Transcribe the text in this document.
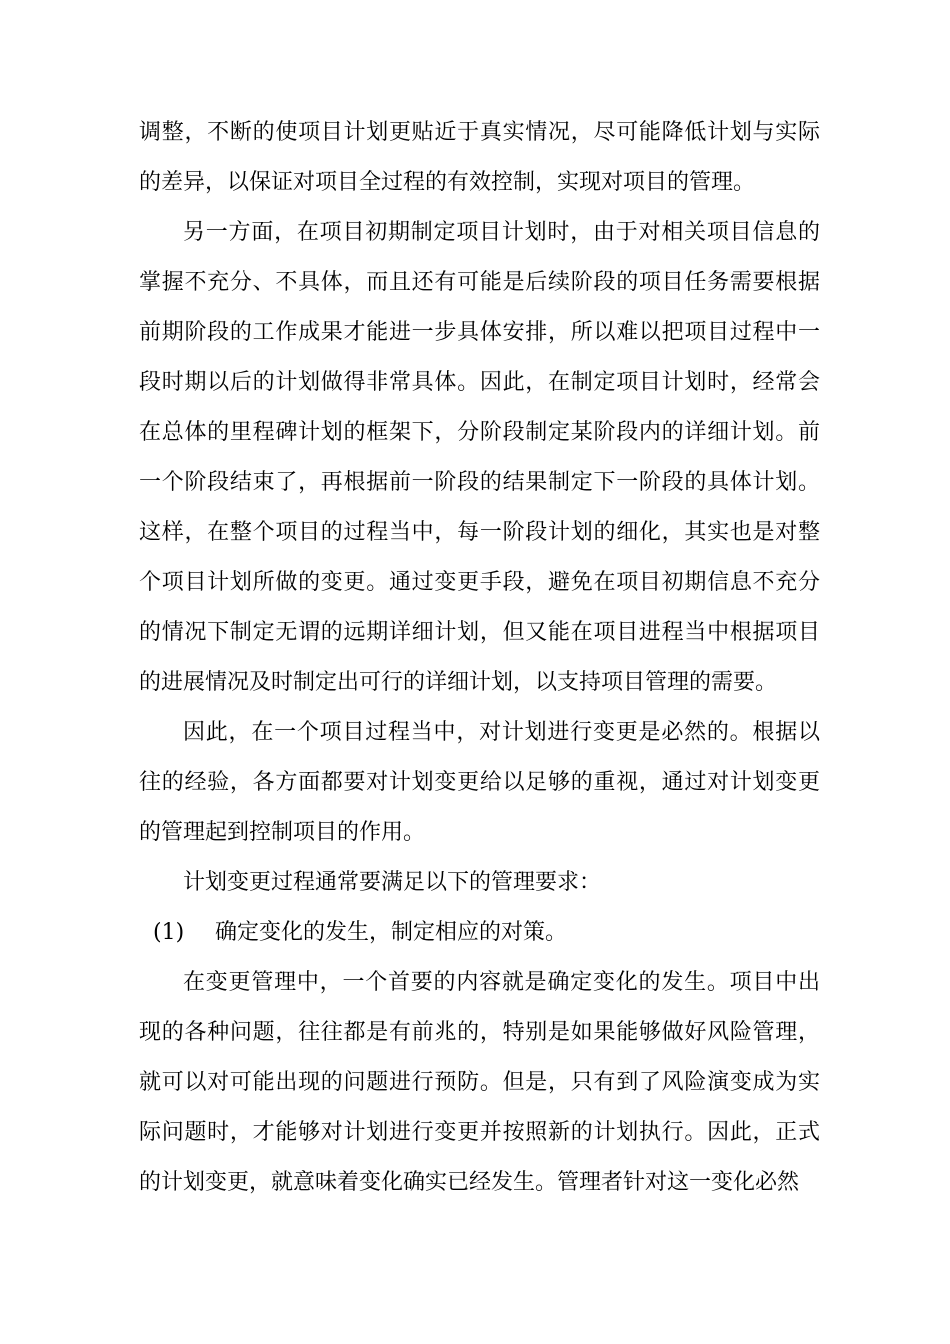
调整，不断的使项目计划更贴近于真实情况，尽可能降低计划与实际的差异，以保证对项目全过程的有效控制，实现对项目的管理。

另一方面，在项目初期制定项目计划时，由于对相关项目信息的掌握不充分、不具体，而且还有可能是后续阶段的项目任务需要根据前期阶段的工作成果才能进一步具体安排，所以难以把项目过程中一段时期以后的计划做得非常具体。因此，在制定项目计划时，经常会在总体的里程碑计划的框架下，分阶段制定某阶段内的详细计划。前一个阶段结束了，再根据前一阶段的结果制定下一阶段的具体计划。这样，在整个项目的过程当中，每一阶段计划的细化，其实也是对整个项目计划所做的变更。通过变更手段，避免在项目初期信息不充分的情况下制定无谓的远期详细计划，但又能在项目进程当中根据项目的进展情况及时制定出可行的详细计划，以支持项目管理的需要。

因此，在一个项目过程当中，对计划进行变更是必然的。根据以往的经验，各方面都要对计划变更给以足够的重视，通过对计划变更的管理起到控制项目的作用。

计划变更过程通常要满足以下的管理要求：

(1)	确定变化的发生，制定相应的对策。

在变更管理中，一个首要的内容就是确定变化的发生。项目中出现的各种问题，往往都是有前兆的，特别是如果能够做好风险管理，就可以对可能出现的问题进行预防。但是，只有到了风险演变成为实际问题时，才能够对计划进行变更并按照新的计划执行。因此，正式的计划变更，就意味着变化确实已经发生。管理者针对这一变化必然
